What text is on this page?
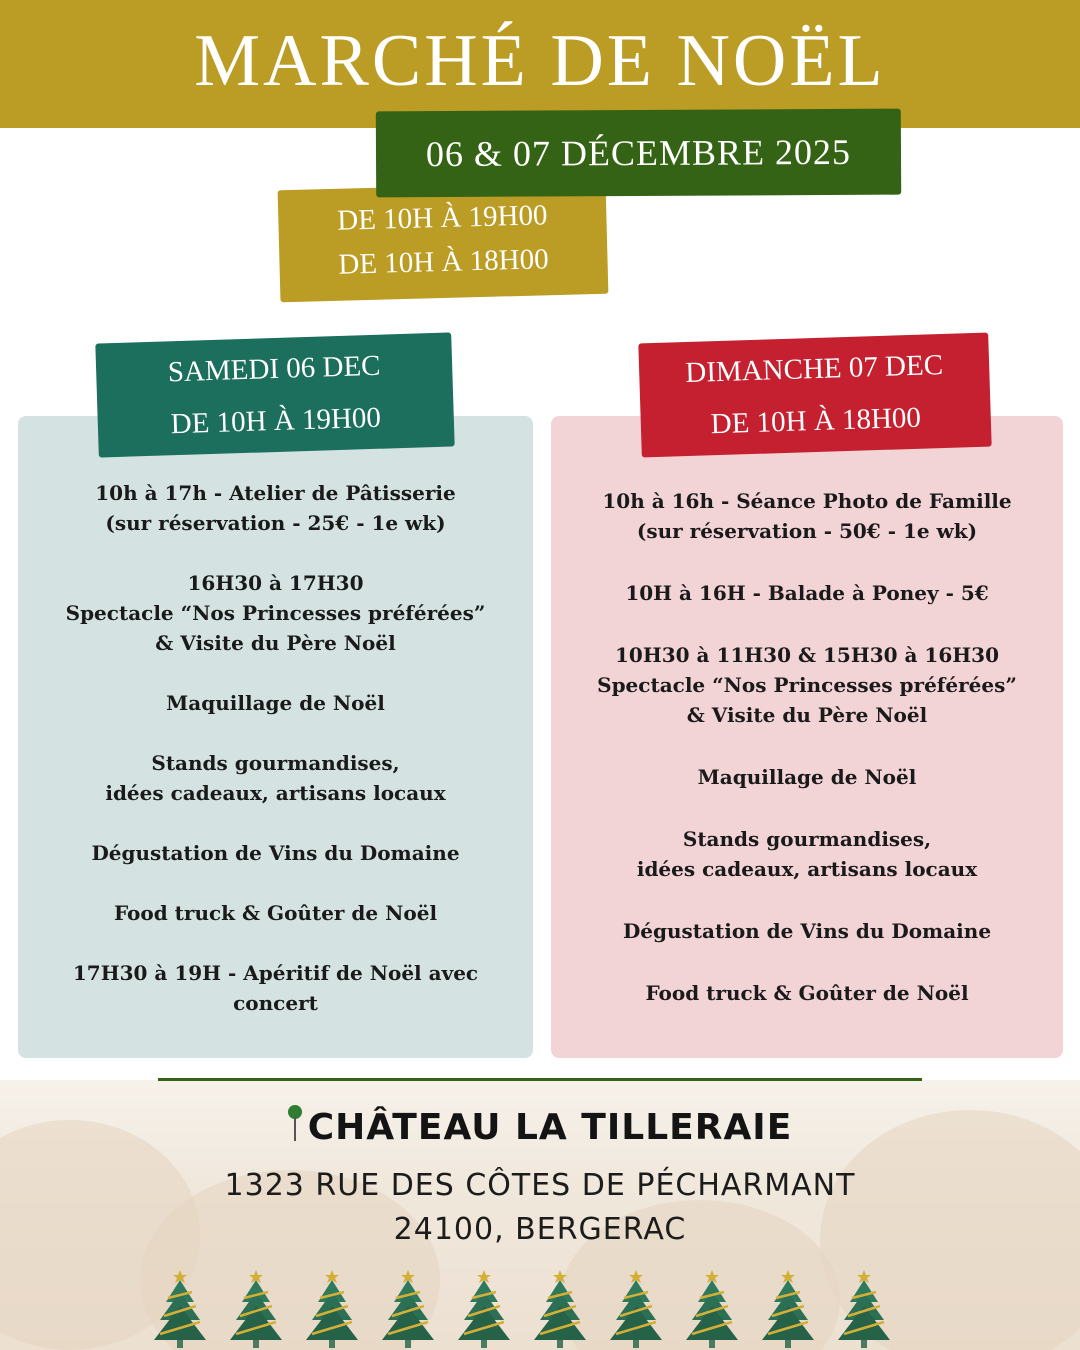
MARCHÉ DE NOËL
06 & 07 DÉCEMBRE 2025
DE 10H À 19H00
DE 10H À 18H00
SAMEDI 06 DEC
DE 10H À 19H00
DIMANCHE 07 DEC
DE 10H À 18H00

10h à 17h - Atelier de Pâtisserie
(sur réservation - 25€ - 1e wk)

16H30 à 17H30
Spectacle “Nos Princesses préférées”
& Visite du Père Noël

Maquillage de Noël

Stands gourmandises,
idées cadeaux, artisans locaux

Dégustation de Vins du Domaine

Food truck & Goûter de Noël

17H30 à 19H - Apéritif de Noël avec
concert

10h à 16h - Séance Photo de Famille
(sur réservation - 50€ - 1e wk)

10H à 16H - Balade à Poney - 5€

10H30 à 11H30 & 15H30 à 16H30
Spectacle “Nos Princesses préférées”
& Visite du Père Noël

Maquillage de Noël

Stands gourmandises,
idées cadeaux, artisans locaux

Dégustation de Vins du Domaine

Food truck & Goûter de Noël

CHÂTEAU LA TILLERAIE
1323 RUE DES CÔTES DE PÉCHARMANT
24100, BERGERAC
